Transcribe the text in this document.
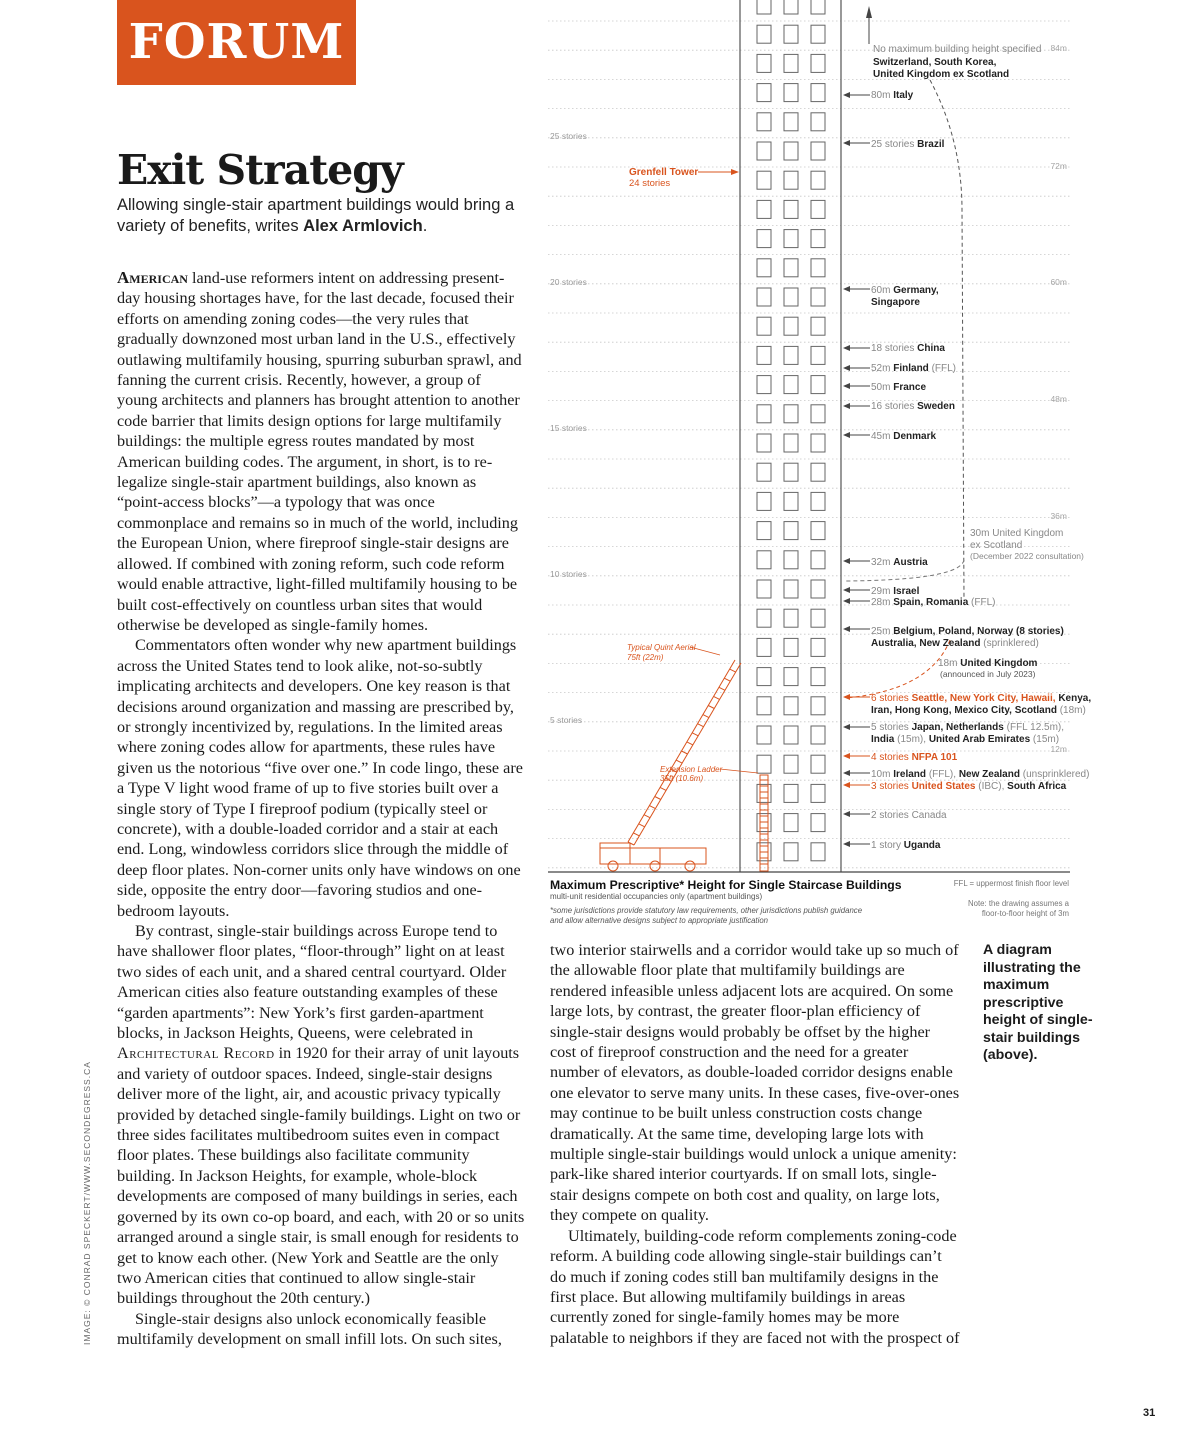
FORUM
Exit Strategy
Allowing single-stair apartment buildings would bring a variety of benefits, writes Alex Armlovich.

American land-use reformers intent on addressing present-day housing shortages have, for the last decade, focused their efforts on amending zoning codes—the very rules that gradually downzoned most urban land in the U.S., effectively outlawing multifamily housing, spurring suburban sprawl, and fanning the current crisis. Recently, however, a group of young architects and planners has brought attention to another code barrier that limits design options for large multifamily buildings: the multiple egress routes mandated by most American building codes. The argument, in short, is to re-legalize single-stair apartment buildings, also known as “point-access blocks”—a typology that was once commonplace and remains so in much of the world, including the European Union, where fireproof single-stair designs are allowed. If combined with zoning reform, such code reform would enable attractive, light-filled multifamily housing to be built cost-effectively on countless urban sites that would otherwise be developed as single-family homes.

Commentators often wonder why new apartment buildings across the United States tend to look alike, not-so-subtly implicating architects and developers. One key reason is that decisions around organization and massing are prescribed by, or strongly incentivized by, regulations. In the limited areas where zoning codes allow for apartments, these rules have given us the notorious “five over one.” In code lingo, these are a Type V light wood frame of up to five stories built over a single story of Type I fireproof podium (typically steel or concrete), with a double-loaded corridor and a stair at each end. Long, windowless corridors slice through the middle of deep floor plates. Non-corner units only have windows on one side, opposite the entry door—favoring studios and one-bedroom layouts.

By contrast, single-stair buildings across Europe tend to have shallower floor plates, “floor-through” light on at least two sides of each unit, and a shared central courtyard. Older American cities also feature outstanding examples of these “garden apartments”: New York’s first garden-apartment blocks, in Jackson Heights, Queens, were celebrated in Architectural Record in 1920 for their array of unit layouts and variety of outdoor spaces. Indeed, single-stair designs deliver more of the light, air, and acoustic privacy typically provided by detached single-family buildings. Light on two or three sides facilitates multibedroom suites even in compact floor plates. These buildings also facilitate community building. In Jackson Heights, for example, whole-block developments are composed of many buildings in series, each governed by its own co-op board, and each, with 20 or so units arranged around a single stair, is small enough for residents to get to know each other. (New York and Seattle are the only two American cities that continued to allow single-stair buildings throughout the 20th century.)

Single-stair designs also unlock economically feasible multifamily development on small infill lots. On such sites,

two interior stairwells and a corridor would take up so much of the allowable floor plate that multifamily buildings are rendered infeasible unless adjacent lots are acquired. On some large lots, by contrast, the greater floor-plan efficiency of single-stair designs would probably be offset by the higher cost of fireproof construction and the need for a greater number of elevators, as double-loaded corridor designs enable one elevator to serve many units. In these cases, five-over-ones may continue to be built unless construction costs change dramatically. At the same time, developing large lots with multiple single-stair buildings would unlock a unique amenity: park-like shared interior courtyards. If on small lots, single-stair designs compete on both cost and quality, on large lots, they compete on quality.

Ultimately, building-code reform complements zoning-code reform. A building code allowing single-stair buildings can’t do much if zoning codes still ban multifamily designs in the first place. But allowing multifamily buildings in areas currently zoned for single-family homes may be more palatable to neighbors if they are faced not with the prospect of

A diagram illustrating the maximum prescriptive height of single-stair buildings (above).
IMAGE: © CONRAD SPECKERT/WWW.SECONDEGRESS.CA
31
25 stories
20 stories
15 stories
10 stories
5 stories
84m
72m
60m
48m
36m
12m
No maximum building height specified
Switzerland, South Korea,
United Kingdom ex Scotland
80m Italy
25 stories Brazil
60m Germany,
Singapore
18 stories China
52m Finland (FFL)
50m France
16 stories Sweden
45m Denmark
30m United Kingdom
ex Scotland
(December 2022 consultation)
32m Austria
29m Israel
28m Spain, Romania (FFL)
25m Belgium, Poland, Norway (8 stories)
Australia, New Zealand (sprinklered)
18m United Kingdom
(announced in July 2023)
6 stories Seattle, New York City, Hawaii, Kenya,
Iran, Hong Kong, Mexico City, Scotland (18m)
5 stories Japan, Netherlands (FFL 12.5m),
India (15m), United Arab Emirates (15m)
4 stories NFPA 101
10m Ireland (FFL), New Zealand (unsprinklered)
3 stories United States (IBC), South Africa
2 stories Canada
1 story Uganda
Grenfell Tower
24 stories
Typical Quint Aerial
75ft (22m)
Extension Ladder
35ft (10.6m)
Maximum Prescriptive* Height for Single Staircase Buildings
multi-unit residential occupancies only (apartment buildings)
*some jurisdictions provide statutory law requirements, other jurisdictions publish guidance
and allow alternative designs subject to appropriate justification
FFL = uppermost finish floor level
Note: the drawing assumes a
floor-to-floor height of 3m
